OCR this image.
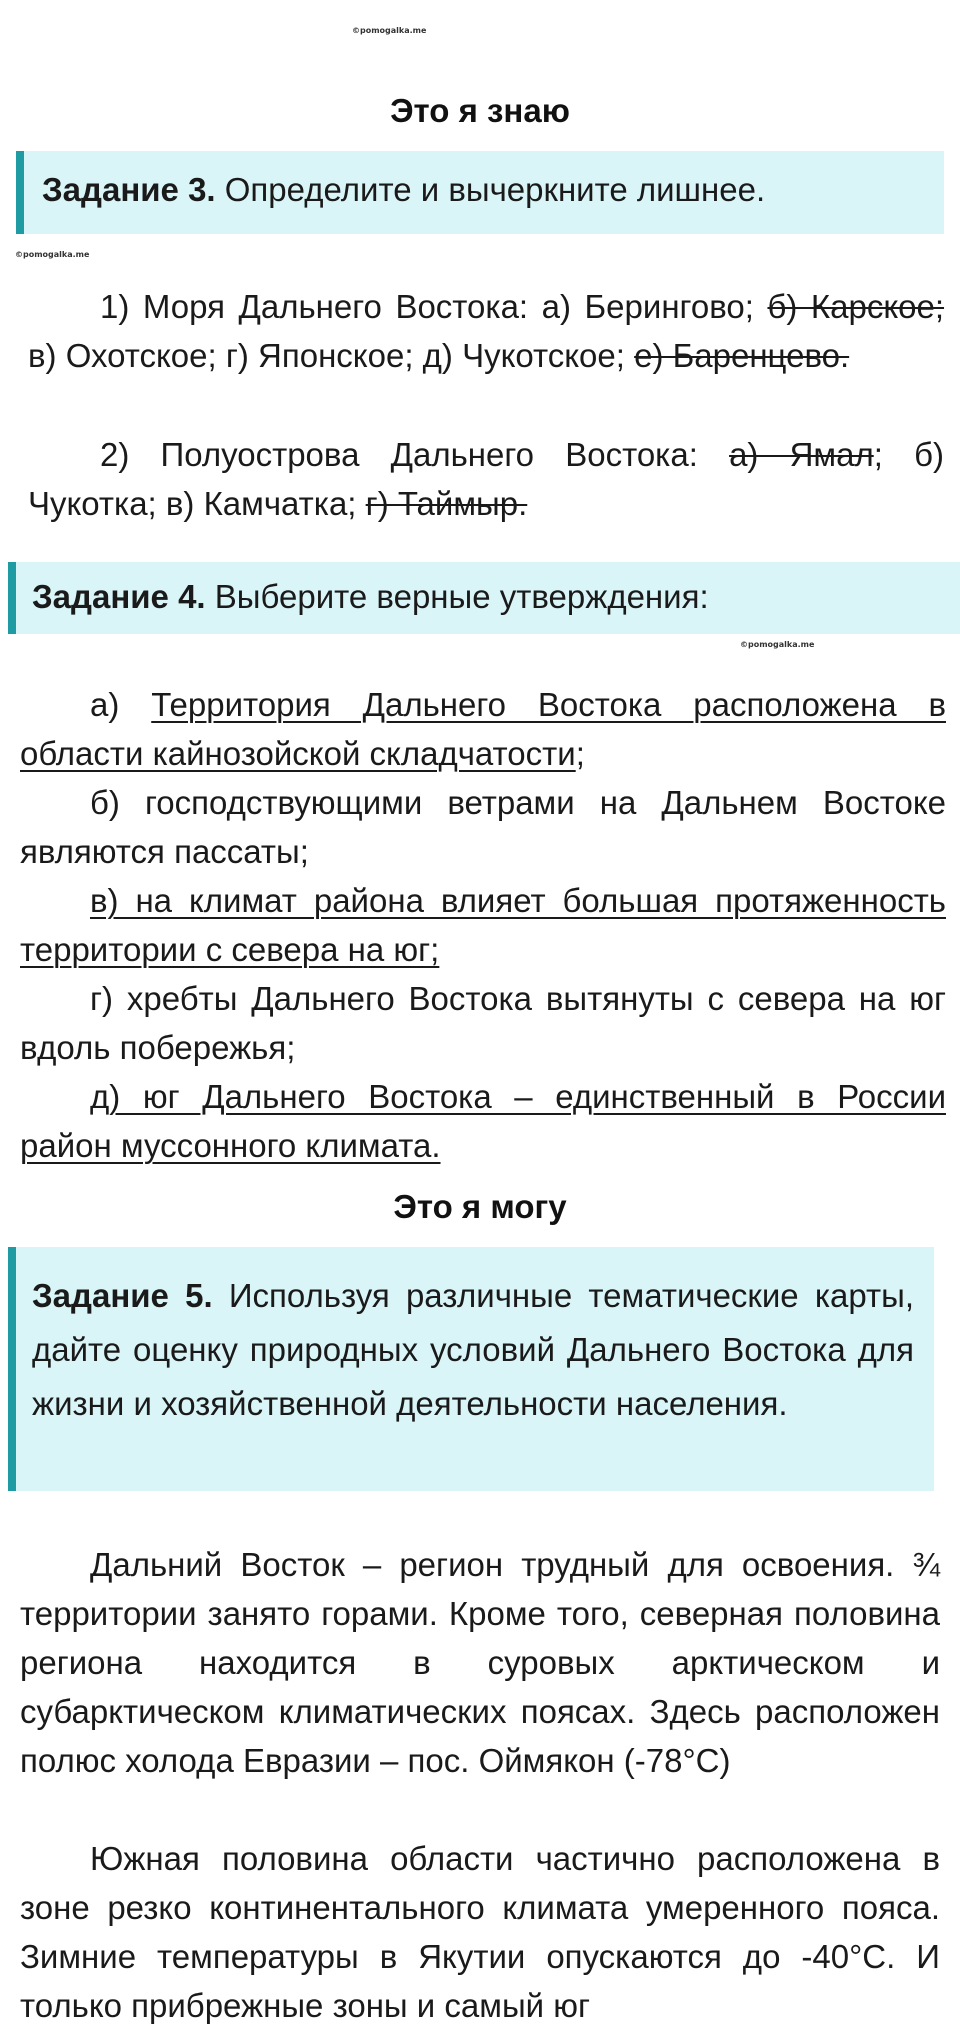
©pomogalka.me
©pomogalka.me
©pomogalka.me
Это я знаю
Задание 3. Определите и вычеркните лишнее.

1) Моря Дальнего Востока: а) Берингово; б) Карское; в) Охотское; г) Японское; д) Чукотское; е) Баренцево.

2) Полуострова Дальнего Востока: а) Ямал; б) Чукотка; в) Камчатка; г) Таймыр.

Задание 4. Выберите верные утверждения:

а) Территория Дальнего Востока расположена в области кайнозойской складчатости;

б) господствующими ветрами на Дальнем Востоке являются пассаты;

в) на климат района влияет большая протяженность территории с севера на юг;

г) хребты Дальнего Востока вытянуты с севера на юг вдоль побережья;

д) юг Дальнего Востока – единственный в России район муссонного климата.

Это я могу

Задание 5. Используя различные тематические карты, дайте оценку природных условий Дальнего Востока для жизни и хозяйственной деятельности населения.

Дальний Восток – регион трудный для освоения. ¾ территории занято горами. Кроме того, северная половина региона находится в суровых арктическом и субарктическом климатических поясах. Здесь расположен полюс холода Евразии – пос. Оймякон (-78°С)

Южная половина области частично расположена в зоне резко континентального климата умеренного пояса. Зимние температуры в Якутии опускаются до -40°С. И только прибрежные зоны и самый юг
